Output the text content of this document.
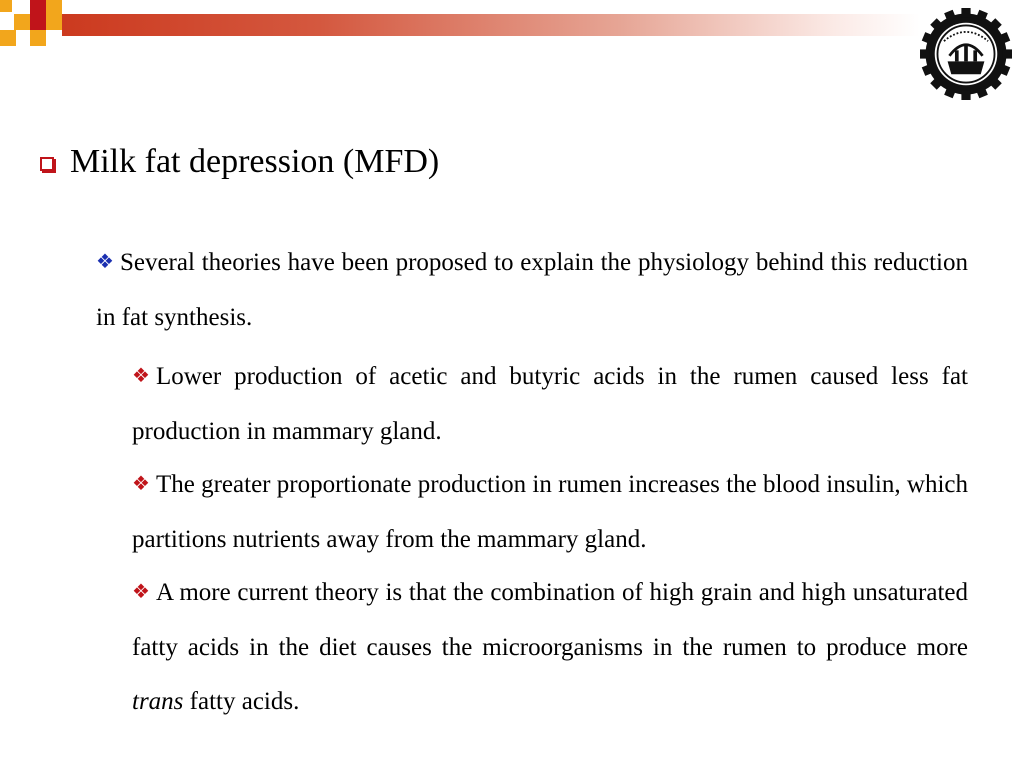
Milk fat depression (MFD)
❖ Several theories have been proposed to explain the physiology behind this reduction in fat synthesis.
❖ Lower production of acetic and butyric acids in the rumen caused less fat production in mammary gland.
❖ The greater proportionate production in rumen increases the blood insulin, which partitions nutrients away from the mammary gland.
❖ A more current theory is that the combination of high grain and high unsaturated fatty acids in the diet causes the microorganisms in the rumen to produce more trans fatty acids.
